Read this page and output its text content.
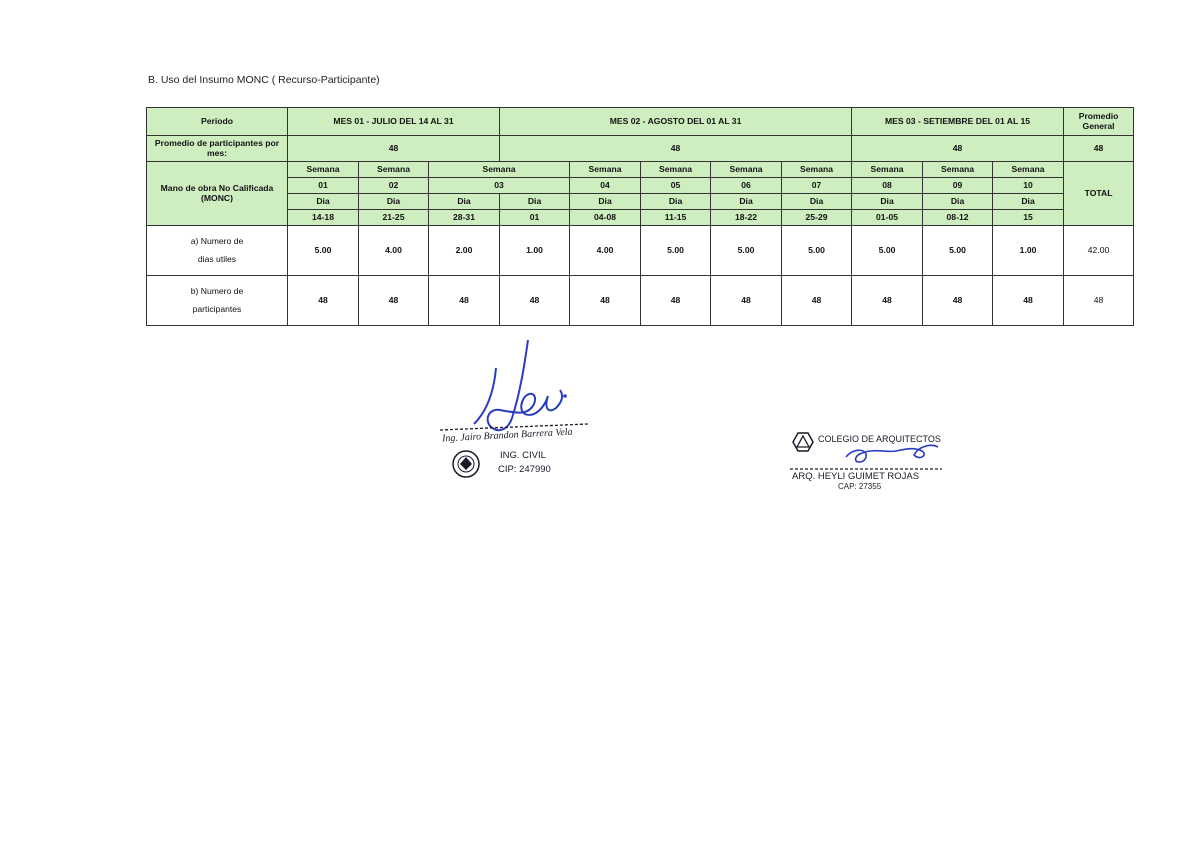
B. Uso del Insumo MONC ( Recurso-Participante)
Periodo	MES 01 - JULIO DEL 14 AL 31			MES 02 - AGOSTO DEL 01 AL 31					MES 03 - SETIEMBRE DEL 01 AL 15			Promedio General
Promedio de participantes por mes:	48			48					48			48
Mano de obra No Calificada (MONC)	Semana	Semana	Semana		Semana	Semana	Semana	Semana	Semana	Semana	Semana	TOTAL
	01	02	03		04	05	06	07	08	09	10	
	Dia	Dia	Dia	Dia	Dia	Dia	Dia	Dia	Dia	Dia	Dia	
	14-18	21-25	28-31	01	04-08	11-15	18-22	25-29	01-05	08-12	15	

a) Numero de
dias utiles	5.00	4.00	2.00	1.00	4.00	5.00	5.00	5.00	5.00	5.00	1.00	42.00

b) Numero de
participantes	48	48	48	48	48	48	48	48	48	48	48	48
Ing. Jairo Brandon Barrera Vela
ING. CIVIL
CIP: 247990
COLEGIO DE ARQUITECTOS
ARQ. HEYLI GUIMET ROJAS
CAP: 27355
